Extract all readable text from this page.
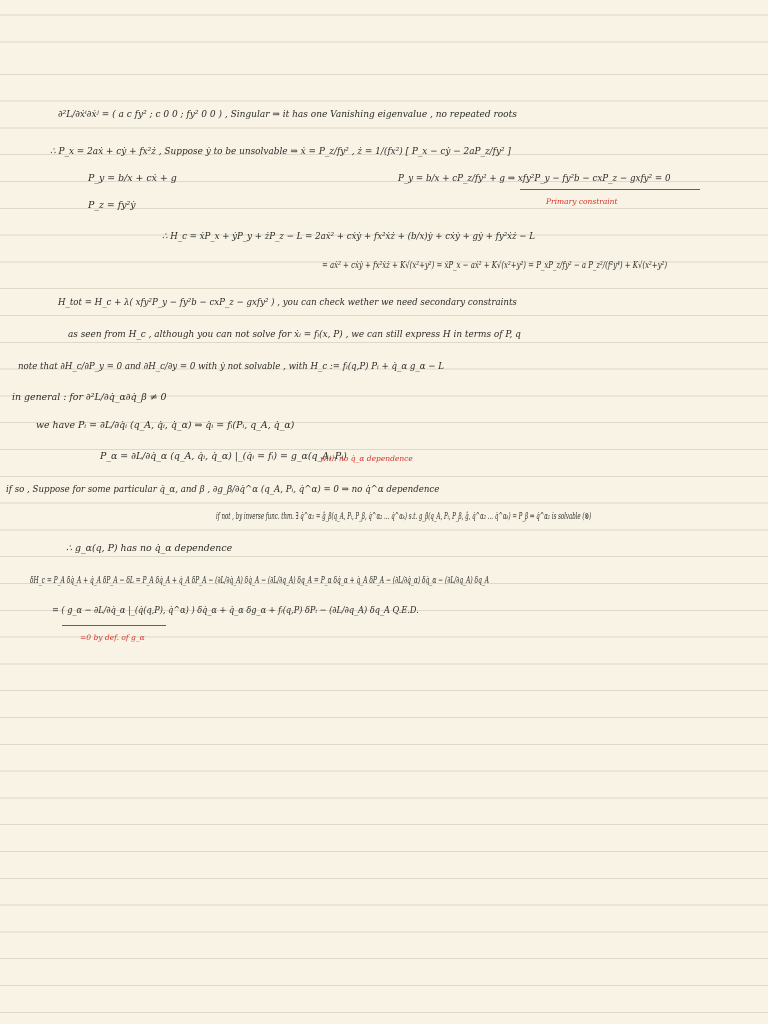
∂²L/∂ẋⁱ∂ẋʲ = ( a c fy² ; c 0 0 ; fy² 0 0 ) , Singular ⇒ it has one Vanishing eigenvalue , no repeated roots
∴ P_x = 2aẋ + cẏ + fx²ż , Suppose ẏ to be unsolvable ⇒ ẋ = P_z/fy² , ż = 1/(fx²) [ P_x − cẏ − 2aP_z/fy² ]
P_y = b/x + cẋ + g	P_y = b/x + cP_z/fy² + g ⇒ xfy²P_y − fy²b − cxP_z − gxfy² = 0
P_z = fy²ẏ	Primary constraint
∴ H_c = ẋP_x + ẏP_y + żP_z − L = 2aẋ² + cẋẏ + fx²ẋż + (b/x)ẏ + cẋẏ + gẏ + fy²ẋż − L
= aẋ² + cẋẏ + fx²ẋż + K√(x²+y²) = ẋP_x − aẋ² + K√(x²+y²) = P_xP_z/fy² − a P_z²/(f²y⁴) + K√(x²+y²)
H_tot = H_c + λ( xfy²P_y − fy²b − cxP_z − gxfy² ) , you can check wether we need secondary constraints
as seen from H_c , although you can not solve for ẋᵢ = fᵢ(x, P) , we can still express H in terms of P, q
note that ∂H_c/∂P_y = 0 and ∂H_c/∂y = 0 with ẏ not solvable , with H_c := fᵢ(q,P) Pᵢ + q̇_α g_α − L
in general : for ∂²L/∂q̇_α∂q̇_β ≠ 0
we have Pᵢ = ∂L/∂q̇ᵢ (q_A, q̇ᵢ, q̇_α) ⇒ q̇ᵢ = fᵢ(Pᵢ, q_A, q̇_α)
P_α = ∂L/∂q̇_α (q_A, q̇ᵢ, q̇_α) |_(q̇ᵢ = fᵢ) = g_α(q_A, Pᵢ)
with no q̇_α dependence
if so , Suppose for some particular q̇_α, and β , ∂g_β/∂q̇^α (q_A, Pᵢ, q̇^α) = 0 ⇒ no q̇^α dependence
if not , by inverse func. thm. ∃ q̇^α₁ = ĝ_β(q_A, Pᵢ, P_β, q̇^α₂ … q̇^αₖ) s.t. g_β(q_A, Pᵢ, P_β, ĝ, q̇^α₂ … q̇^αₖ) = P_β ⇒ q̇^α₁ is solvable (⊗)
∴ g_α(q, P) has no q̇_α dependence
δH_c = P_A δq̇_A + q̇_A δP_A − δL = P_A δq̇_A + q̇_A δP_A − (∂L/∂q̇_A) δq̇_A − (∂L/∂q_A) δq_A = P_α δq̇_α + q̇_A δP_A − (∂L/∂q̇_α) δq̇_α − (∂L/∂q_A) δq_A
= ( g_α − ∂L/∂q̇_α |_(q̇(q,P), q̇^α) ) δq̇_α + q̇_α δg_α + fᵢ(q,P) δPᵢ − (∂L/∂q_A) δq_A Q.E.D.
=0 by def. of g_α
